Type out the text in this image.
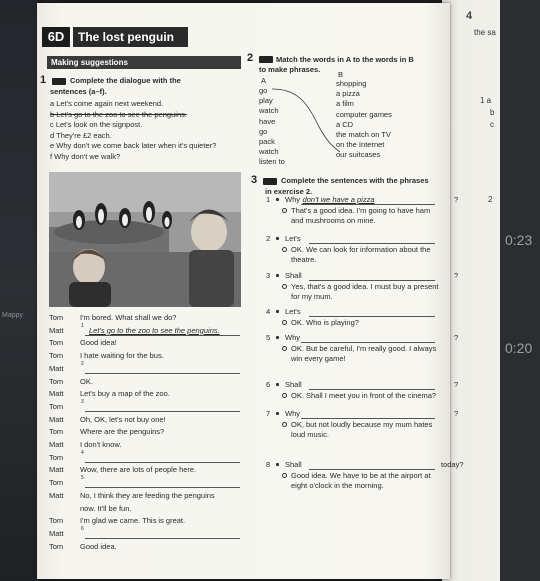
Mappy
4
the sa
1 a
b
c
2
0:23
0:20
6D	The lost penguin
Making suggestions
1	Complete the dialogue with the
sentences (a–f).
a Let's come again next weekend.
b Let's go to the zoo to see the penguins.
c Let's look on the signpost.
d They're £2 each.
e Why don't we come back later when it's quieter?
f Why don't we walk?
Tom I'm bored. What shall we do?
Matt	1 Let's go to the zoo to see the penguins.
Tom Good idea!
Tom I hate waiting for the bus.
Matt	2
Tom OK.
Matt Let's buy a map of the zoo.
Tom	3
Matt Oh, OK, let's not buy one!
Tom Where are the penguins?
Matt I don't know.
Tom	4
Matt Wow, there are lots of people here.
Tom	5
Matt No, I think they are feeding the penguins
now. It'll be fun.
Tom I'm glad we came. This is great.
Matt	6
Tom Good idea.
2	Match the words in A to the words in B
to make phrases.
A
B
go
play
watch
have
go
pack
watch
listen to
shopping
a pizza
a film
computer games
a CD
the match on TV
on the Internet
our suitcases
3	Complete the sentences with the phrases
in exercise 2.
1 Why don't we have a pizza	?
That's a good idea. I'm going to have ham
and mushrooms on mine.
2 Let's
OK. We can look for information about the
theatre.
3 Shall	?
Yes, that's a good idea. I must buy a present
for my mum.
4 Let's
OK. Who is playing?
5 Why	?
OK. But be careful, I'm really good. I always
win every game!
6 Shall	?
OK. Shall I meet you in front of the cinema?
7 Why	?
OK, but not loudly because my mum hates
loud music.
8 Shall	today?
Good idea. We have to be at the airport at
eight o'clock in the morning.
